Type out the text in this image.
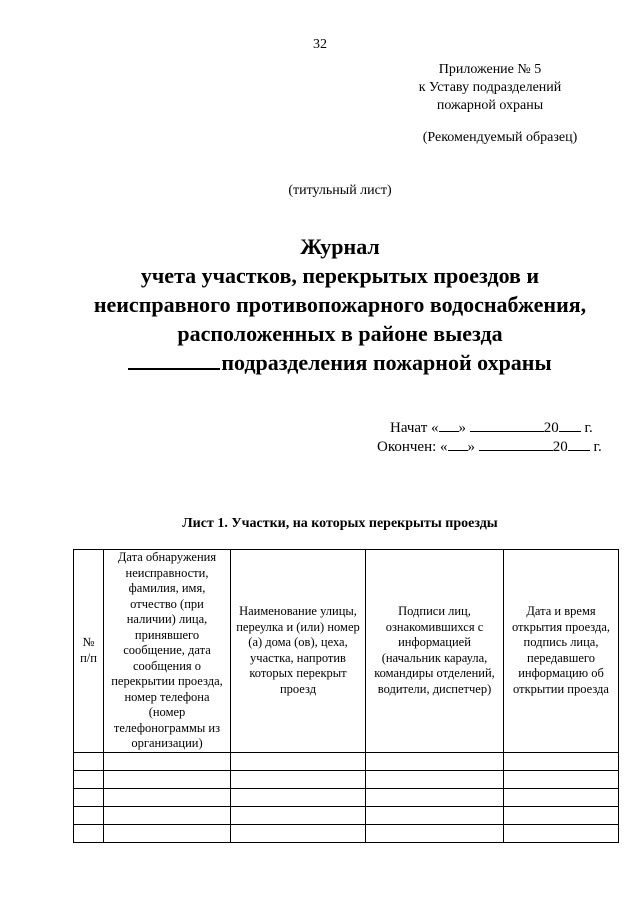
32
Приложение № 5
к Уставу подразделений
пожарной охраны
(Рекомендуемый образец)
(титульный лист)
Журнал
учета участков, перекрытых проездов и
неисправного противопожарного водоснабжения,
расположенных в районе выезда
подразделения пожарной охраны
Начат « »	20 г.
Окончен: « »	20 г.
Лист 1. Участки, на которых перекрыты проезды
№ п/п	Дата обнаружения неисправности, фамилия, имя, отчество (при наличии) лица, принявшего сообщение, дата сообщения о перекрытии проезда, номер телефона (номер телефонограммы из организации)	Наименование улицы, переулка и (или) номер (а) дома (ов), цеха, участка, напротив которых перекрыт проезд	Подписи лиц, ознакомившихся с информацией (начальник караула, командиры отделений, водители, диспетчер)	Дата и время открытия проезда, подпись лица, передавшего информацию об открытии проезда
